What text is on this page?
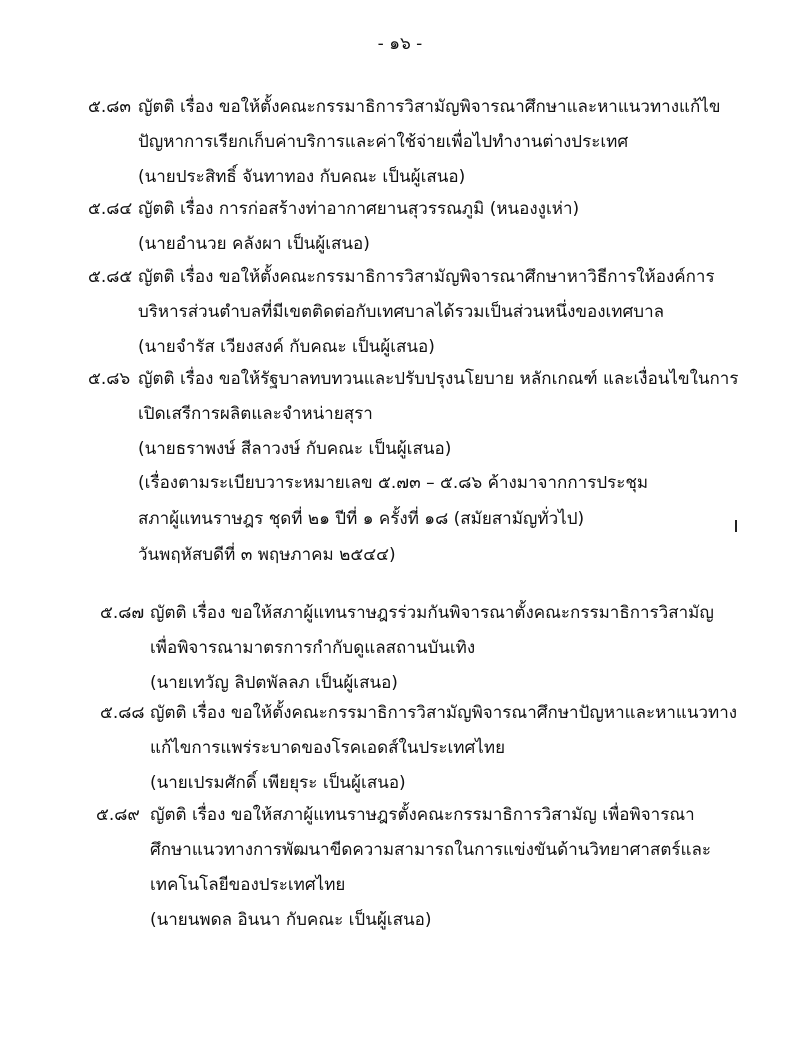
- ๑๖ -
๕.๘๓ ญัตติ เรื่อง ขอให้ตั้งคณะกรรมาธิการวิสามัญพิจารณาศึกษาและหาแนวทางแก้ไข
ปัญหาการเรียกเก็บค่าบริการและค่าใช้จ่ายเพื่อไปทำงานต่างประเทศ
(นายประสิทธิ์ จันทาทอง กับคณะ เป็นผู้เสนอ)
๕.๘๔ ญัตติ เรื่อง การก่อสร้างท่าอากาศยานสุวรรณภูมิ (หนองงูเห่า)
(นายอำนวย คลังผา เป็นผู้เสนอ)
๕.๘๕ ญัตติ เรื่อง ขอให้ตั้งคณะกรรมาธิการวิสามัญพิจารณาศึกษาหาวิธีการให้องค์การ
บริหารส่วนตำบลที่มีเขตติดต่อกับเทศบาลได้รวมเป็นส่วนหนึ่งของเทศบาล
(นายจำรัส เวียงสงค์ กับคณะ เป็นผู้เสนอ)
๕.๘๖ ญัตติ เรื่อง ขอให้รัฐบาลทบทวนและปรับปรุงนโยบาย หลักเกณฑ์ และเงื่อนไขในการ
เปิดเสรีการผลิตและจำหน่ายสุรา
(นายธราพงษ์ สีลาวงษ์ กับคณะ เป็นผู้เสนอ)
(เรื่องตามระเบียบวาระหมายเลข ๕.๗๓ – ๕.๘๖ ค้างมาจากการประชุม
สภาผู้แทนราษฎร ชุดที่ ๒๑ ปีที่ ๑ ครั้งที่ ๑๘ (สมัยสามัญทั่วไป)
วันพฤหัสบดีที่ ๓ พฤษภาคม ๒๕๔๔)
๕.๘๗ ญัตติ เรื่อง ขอให้สภาผู้แทนราษฎรร่วมกันพิจารณาตั้งคณะกรรมาธิการวิสามัญ
เพื่อพิจารณามาตรการกำกับดูแลสถานบันเทิง
(นายเทวัญ ลิปตพัลลภ เป็นผู้เสนอ)
๕.๘๘ ญัตติ เรื่อง ขอให้ตั้งคณะกรรมาธิการวิสามัญพิจารณาศึกษาปัญหาและหาแนวทาง
แก้ไขการแพร่ระบาดของโรคเอดส์ในประเทศไทย
(นายเปรมศักดิ์ เพียยุระ เป็นผู้เสนอ)
๕.๘๙ ญัตติ เรื่อง ขอให้สภาผู้แทนราษฎรตั้งคณะกรรมาธิการวิสามัญ เพื่อพิจารณา
ศึกษาแนวทางการพัฒนาขีดความสามารถในการแข่งขันด้านวิทยาศาสตร์และ
เทคโนโลยีของประเทศไทย
(นายนพดล อินนา กับคณะ เป็นผู้เสนอ)
